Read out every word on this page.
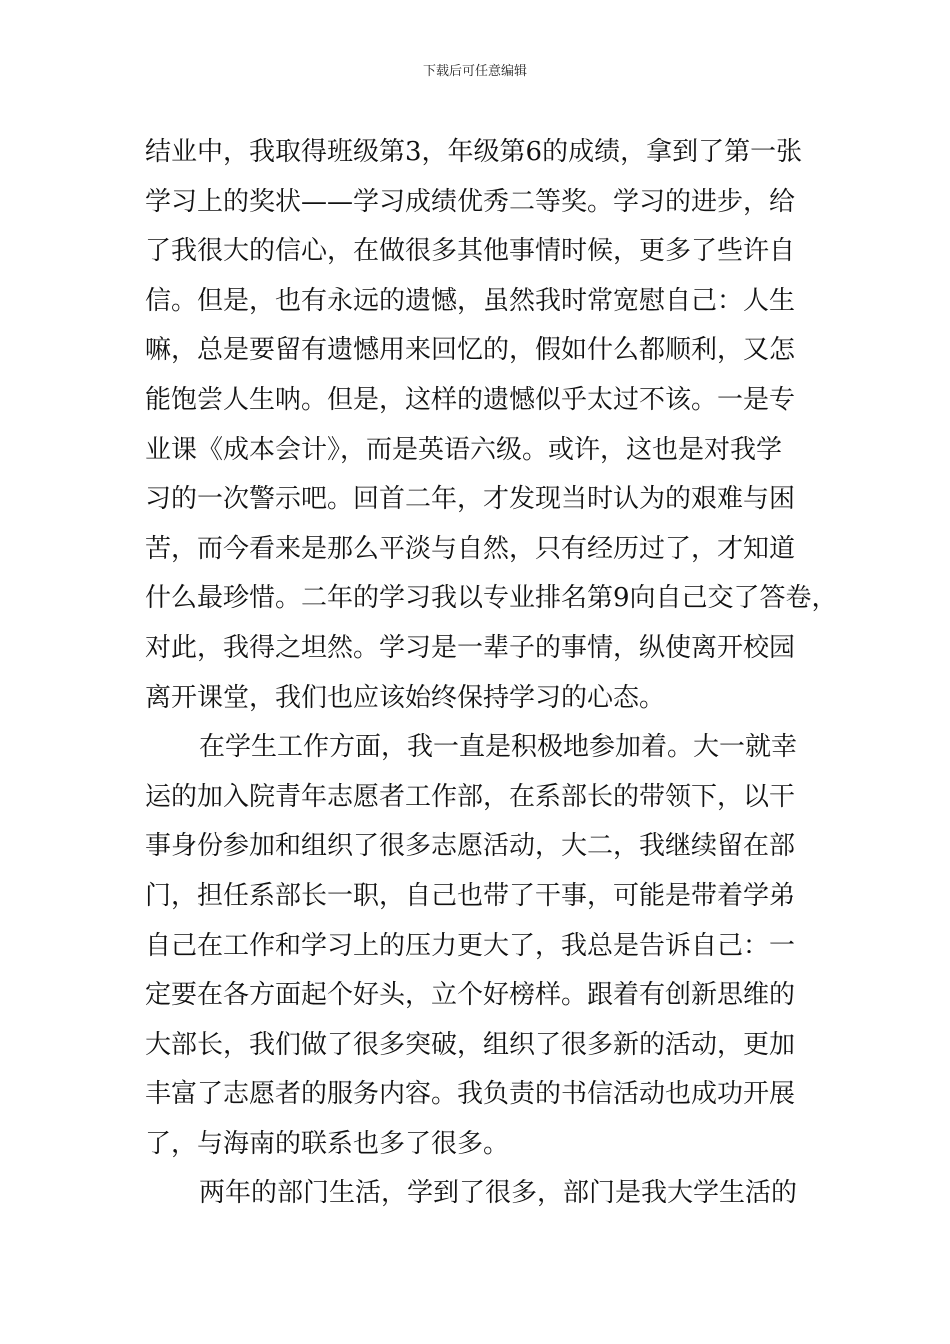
下载后可任意编辑
结业中，我取得班级第3，年级第6的成绩，拿到了第一张
学习上的奖状——学习成绩优秀二等奖。学习的进步，给
了我很大的信心，在做很多其他事情时候，更多了些许自
信。但是，也有永远的遗憾，虽然我时常宽慰自己：人生
嘛，总是要留有遗憾用来回忆的，假如什么都顺利，又怎
能饱尝人生呐。但是，这样的遗憾似乎太过不该。一是专
业课《成本会计》，而是英语六级。或许，这也是对我学
习的一次警示吧。回首二年，才发现当时认为的艰难与困
苦，而今看来是那么平淡与自然，只有经历过了，才知道
什么最珍惜。二年的学习我以专业排名第9向自己交了答卷，
对此，我得之坦然。学习是一辈子的事情，纵使离开校园
离开课堂，我们也应该始终保持学习的心态。
在学生工作方面，我一直是积极地参加着。大一就幸
运的加入院青年志愿者工作部，在系部长的带领下，以干
事身份参加和组织了很多志愿活动，大二，我继续留在部
门，担任系部长一职，自己也带了干事，可能是带着学弟
自己在工作和学习上的压力更大了，我总是告诉自己：一
定要在各方面起个好头，立个好榜样。跟着有创新思维的
大部长，我们做了很多突破，组织了很多新的活动，更加
丰富了志愿者的服务内容。我负责的书信活动也成功开展
了，与海南的联系也多了很多。
两年的部门生活，学到了很多，部门是我大学生活的
